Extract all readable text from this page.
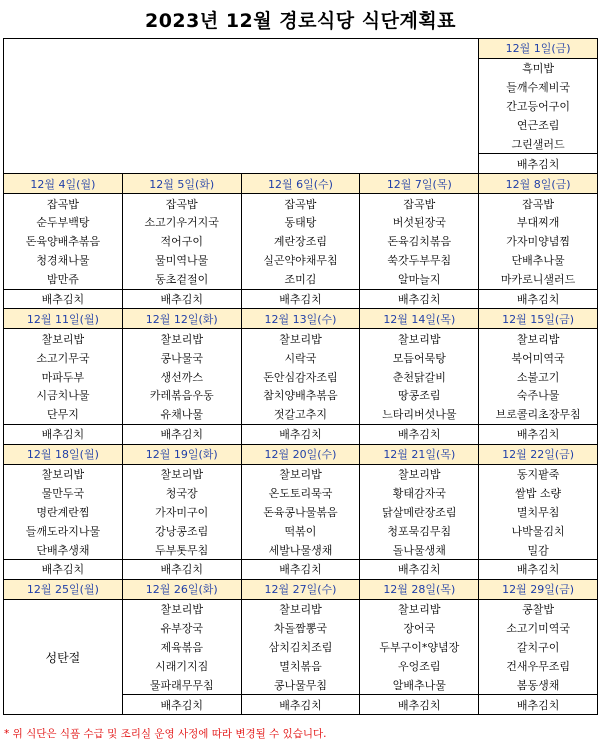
2023년 12월 경로식당 식단계획표
				12월 1일(금)
				흑미밥
				들깨수제비국
				간고등어구이
				연근조림
				그린샐러드
				배추김치
12월 4일(월)	12월 5일(화)	12월 6일(수)	12월 7일(목)	12월 8일(금)
잡곡밥	잡곡밥	잡곡밥	잡곡밥	잡곡밥
순두부백탕	소고기우거지국	동태탕	버섯된장국	부대찌개
돈육양배추볶음	적어구이	계란장조림	돈육김치볶음	가자미양념찜
청경채나물	물미역나물	실곤약야채무침	쑥갓두부무침	단배추나물
밤만쥬	동초겉절이	조미김	알마늘지	마카로니샐러드
배추김치	배추김치	배추김치	배추김치	배추김치
12월 11일(월)	12월 12일(화)	12월 13일(수)	12월 14일(목)	12월 15일(금)
찰보리밥	찰보리밥	찰보리밥	찰보리밥	찰보리밥
소고기무국	콩나물국	시락국	모듬어묵탕	북어미역국
마파두부	생선까스	돈안심감자조림	춘천닭갈비	소불고기
시금치나물	카레볶음우동	참치양배추볶음	땅콩조림	숙주나물
단무지	유채나물	젓갈고추지	느타리버섯나물	브로콜리초장무침
배추김치	배추김치	배추김치	배추김치	배추김치
12월 18일(월)	12월 19일(화)	12월 20일(수)	12월 21일(목)	12월 22일(금)
찰보리밥	찰보리밥	찰보리밥	찰보리밥	동지팥죽
물만두국	청국장	온도토리묵국	황태감자국	쌀밥 소량
명란계란찜	가자미구이	돈육콩나물볶음	닭살메란장조림	멸치무침
들깨도라지나물	강낭콩조림	떡볶이	청포묵김무침	나박물김치
단배추생채	두부톳무침	세발나물생채	돌나물생채	밀감
배추김치	배추김치	배추김치	배추김치	배추김치
12월 25일(월)	12월 26일(화)	12월 27일(수)	12월 28일(목)	12월 29일(금)
성탄절	찰보리밥	찰보리밥	찰보리밥	콩찰밥
	유부장국	차돌짬뽕국	장어국	소고기미역국
	제육볶음	삼치김치조림	두부구이*양념장	갈치구이
	시래기지짐	멸치볶음	우엉조림	건새우무조림
	물파래무무침	콩나물무침	알배추나물	봄동생채
	배추김치	배추김치	배추김치	배추김치
* 위 식단은 식품 수급 및 조리실 운영 사정에 따라 변경될 수 있습니다.
